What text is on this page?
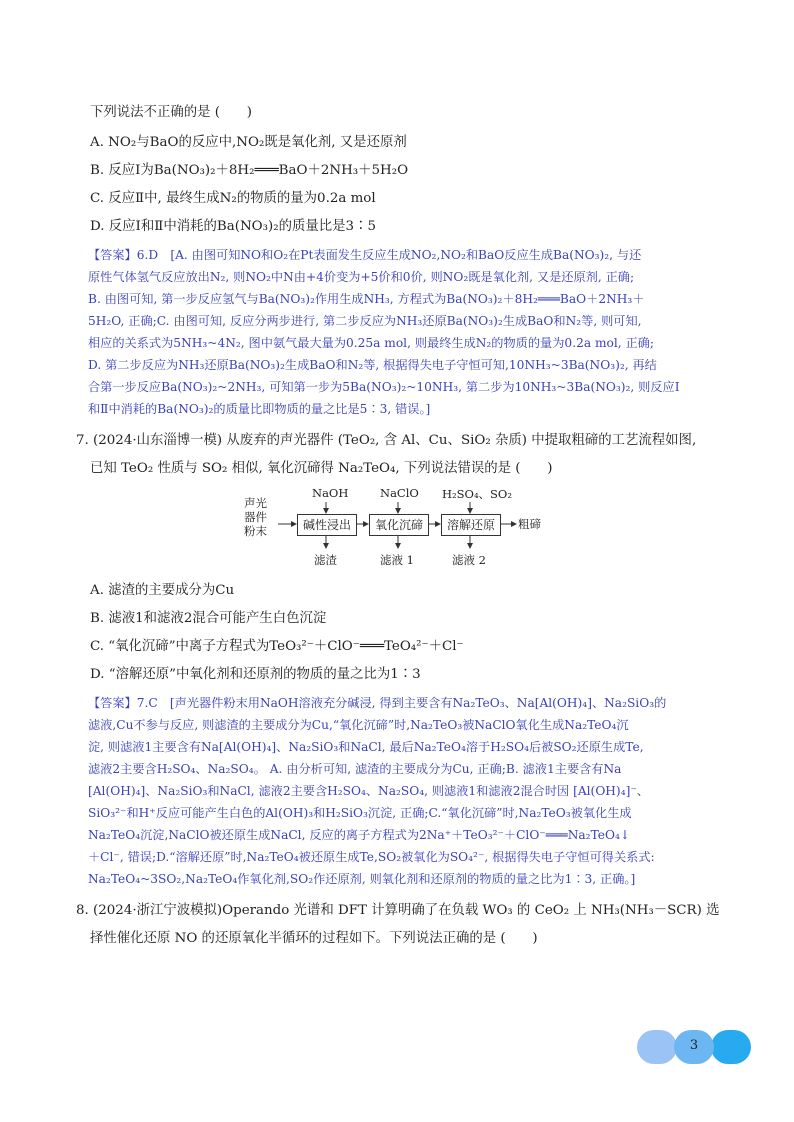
下列说法不正确的是 (　　)
A. NO₂与BaO的反应中,NO₂既是氧化剂, 又是还原剂
B. 反应Ⅰ为Ba(NO₃)₂＋8H₂═══BaO＋2NH₃＋5H₂O
C. 反应Ⅱ中, 最终生成N₂的物质的量为0.2a mol
D. 反应Ⅰ和Ⅱ中消耗的Ba(NO₃)₂的质量比是3∶5
【答案】6.D　[A. 由图可知NO和O₂在Pt表面发生反应生成NO₂,NO₂和BaO反应生成Ba(NO₃)₂, 与还
原性气体氢气反应放出N₂, 则NO₂中N由+4价变为+5价和0价, 则NO₂既是氧化剂, 又是还原剂, 正确;
B. 由图可知, 第一步反应氢气与Ba(NO₃)₂作用生成NH₃, 方程式为Ba(NO₃)₂＋8H₂═══BaO＋2NH₃＋
5H₂O, 正确;C. 由图可知, 反应分两步进行, 第二步反应为NH₃还原Ba(NO₃)₂生成BaO和N₂等, 则可知,
相应的关系式为5NH₃~4N₂, 图中氨气最大量为0.25a mol, 则最终生成N₂的物质的量为0.2a mol, 正确;
D. 第二步反应为NH₃还原Ba(NO₃)₂生成BaO和N₂等, 根据得失电子守恒可知,10NH₃~3Ba(NO₃)₂, 再结
合第一步反应Ba(NO₃)₂~2NH₃, 可知第一步为5Ba(NO₃)₂~10NH₃, 第二步为10NH₃~3Ba(NO₃)₂, 则反应Ⅰ
和Ⅱ中消耗的Ba(NO₃)₂的质量比即物质的量之比是5∶3, 错误。]
7. (2024·山东淄博一模) 从废弃的声光器件 (TeO₂, 含 Al、Cu、SiO₂ 杂质) 中提取粗碲的工艺流程如图,
已知 TeO₂ 性质与 SO₂ 相似, 氧化沉碲得 Na₂TeO₄, 下列说法错误的是 (　　)
声光
器件
粉末
NaOH	NaClO H₂SO₄、SO₂
碱性浸出	氧化沉碲	溶解还原	粗碲
滤渣	滤液 1	滤液 2
A. 滤渣的主要成分为Cu
B. 滤液1和滤液2混合可能产生白色沉淀
C. “氧化沉碲”中离子方程式为TeO₃²⁻＋ClO⁻═══TeO₄²⁻＋Cl⁻
D. “溶解还原”中氧化剂和还原剂的物质的量之比为1∶3
【答案】7.C　[声光器件粉末用NaOH溶液充分碱浸, 得到主要含有Na₂TeO₃、Na[Al(OH)₄]、Na₂SiO₃的
滤液,Cu不参与反应, 则滤渣的主要成分为Cu,“氧化沉碲”时,Na₂TeO₃被NaClO氧化生成Na₂TeO₄沉
淀, 则滤液1主要含有Na[Al(OH)₄]、Na₂SiO₃和NaCl, 最后Na₂TeO₄溶于H₂SO₄后被SO₂还原生成Te,
滤液2主要含H₂SO₄、Na₂SO₄。 A. 由分析可知, 滤渣的主要成分为Cu, 正确;B. 滤液1主要含有Na
[Al(OH)₄]、Na₂SiO₃和NaCl, 滤液2主要含H₂SO₄、Na₂SO₄, 则滤液1和滤液2混合时因 [Al(OH)₄]⁻、
SiO₃²⁻和H⁺反应可能产生白色的Al(OH)₃和H₂SiO₃沉淀, 正确;C.“氧化沉碲”时,Na₂TeO₃被氧化生成
Na₂TeO₄沉淀,NaClO被还原生成NaCl, 反应的离子方程式为2Na⁺＋TeO₃²⁻＋ClO⁻═══Na₂TeO₄↓
＋Cl⁻, 错误;D.“溶解还原”时,Na₂TeO₄被还原生成Te,SO₂被氧化为SO₄²⁻, 根据得失电子守恒可得关系式:
Na₂TeO₄~3SO₂,Na₂TeO₄作氧化剂,SO₂作还原剂, 则氧化剂和还原剂的物质的量之比为1∶3, 正确。]
8. (2024·浙江宁波模拟)Operando 光谱和 DFT 计算明确了在负载 WO₃ 的 CeO₂ 上 NH₃(NH₃－SCR) 选
择性催化还原 NO 的还原氧化半循环的过程如下。下列说法正确的是 (　　)
3
